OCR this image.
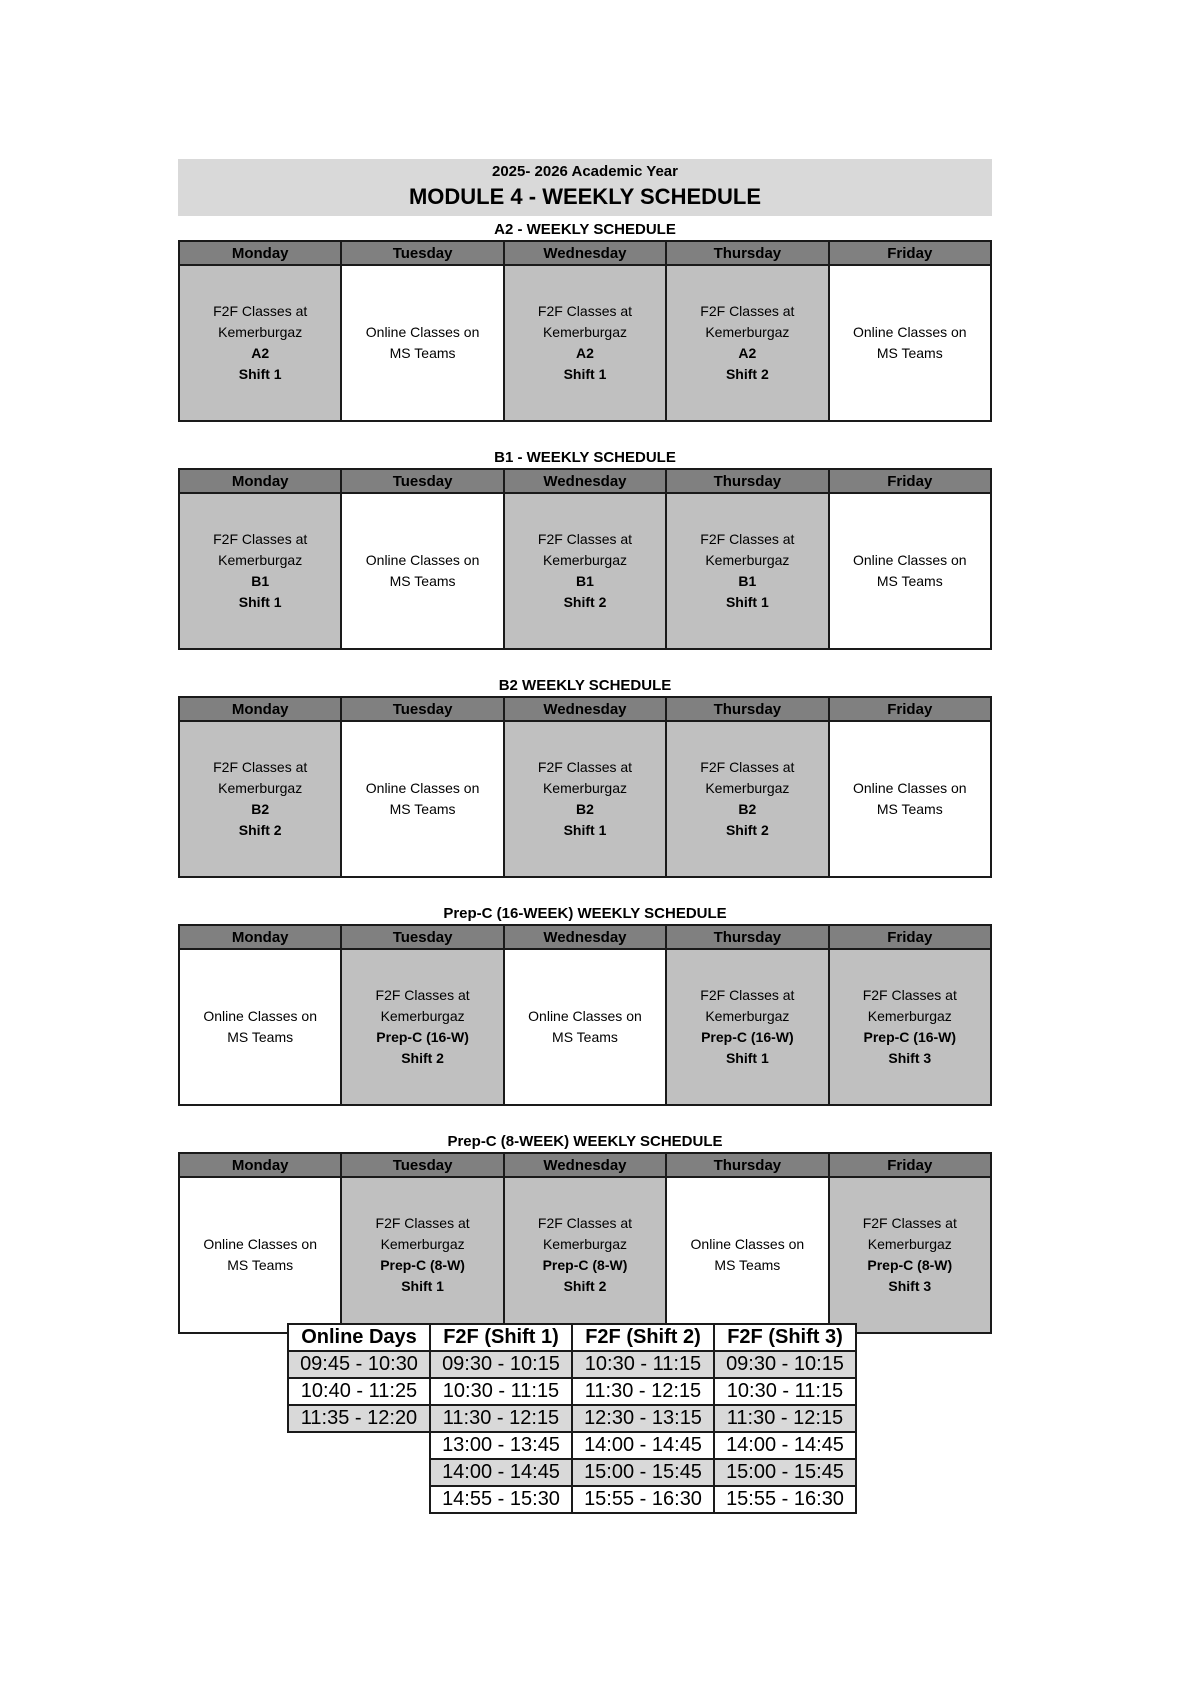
2025- 2026 Academic Year
MODULE 4 - WEEKLY SCHEDULE
A2 - WEEKLY SCHEDULE
Monday	Tuesday	Wednesday	Thursday	Friday

F2F Classes at
Kemerburgaz
A2
Shift 1	Online Classes on
MS Teams	F2F Classes at
Kemerburgaz
A2
Shift 1	F2F Classes at
Kemerburgaz
A2
Shift 2	Online Classes on
MS Teams
B1 - WEEKLY SCHEDULE
Monday	Tuesday	Wednesday	Thursday	Friday

F2F Classes at
Kemerburgaz
B1
Shift 1	Online Classes on
MS Teams	F2F Classes at
Kemerburgaz
B1
Shift 2	F2F Classes at
Kemerburgaz
B1
Shift 1	Online Classes on
MS Teams
B2 WEEKLY SCHEDULE
Monday	Tuesday	Wednesday	Thursday	Friday

F2F Classes at
Kemerburgaz
B2
Shift 2	Online Classes on
MS Teams	F2F Classes at
Kemerburgaz
B2
Shift 1	F2F Classes at
Kemerburgaz
B2
Shift 2	Online Classes on
MS Teams
Prep-C (16-WEEK) WEEKLY SCHEDULE
Monday	Tuesday	Wednesday	Thursday	Friday

Online Classes on
MS Teams	F2F Classes at
Kemerburgaz
Prep-C (16-W)
Shift 2	Online Classes on
MS Teams	F2F Classes at
Kemerburgaz
Prep-C (16-W)
Shift 1	F2F Classes at
Kemerburgaz
Prep-C (16-W)
Shift 3
Prep-C (8-WEEK) WEEKLY SCHEDULE
Monday	Tuesday	Wednesday	Thursday	Friday

Online Classes on
MS Teams	F2F Classes at
Kemerburgaz
Prep-C (8-W)
Shift 1	F2F Classes at
Kemerburgaz
Prep-C (8-W)
Shift 2	Online Classes on
MS Teams	F2F Classes at
Kemerburgaz
Prep-C (8-W)
Shift 3
Online Days	F2F (Shift 1)	F2F (Shift 2)	F2F (Shift 3)
09:45 - 10:30	09:30 - 10:15	10:30 - 11:15	09:30 - 10:15
10:40 - 11:25	10:30 - 11:15	11:30 - 12:15	10:30 - 11:15
11:35 - 12:20	11:30 - 12:15	12:30 - 13:15	11:30 - 12:15
	13:00 - 13:45	14:00 - 14:45	14:00 - 14:45
	14:00 - 14:45	15:00 - 15:45	15:00 - 15:45
	14:55 - 15:30	15:55 - 16:30	15:55 - 16:30
